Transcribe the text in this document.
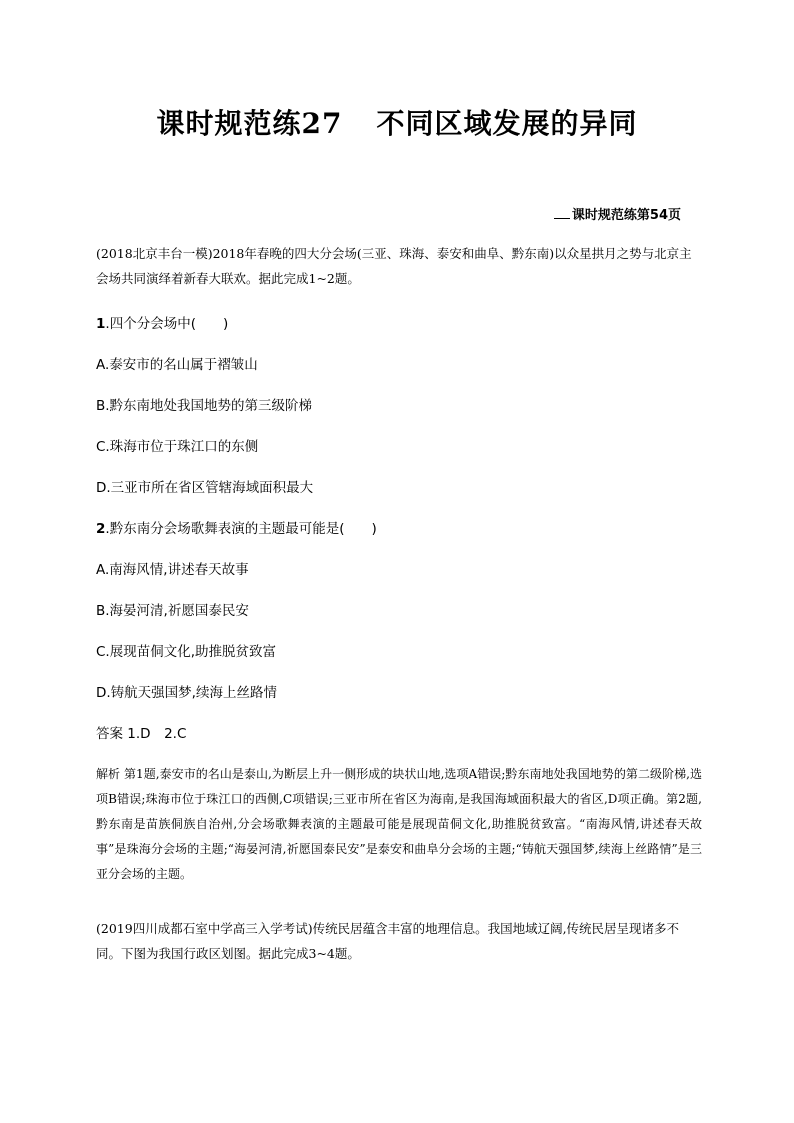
课时规范练27 不同区域发展的异同
课时规范练第54页
(2018北京丰台一模)2018年春晚的四大分会场(三亚、珠海、泰安和曲阜、黔东南)以众星拱月之势与北京主会场共同演绎着新春大联欢。据此完成1~2题。
1.四个分会场中(　　)
A.泰安市的名山属于褶皱山
B.黔东南地处我国地势的第三级阶梯
C.珠海市位于珠江口的东侧
D.三亚市所在省区管辖海域面积最大
2.黔东南分会场歌舞表演的主题最可能是(　　)
A.南海风情,讲述春天故事
B.海晏河清,祈愿国泰民安
C.展现苗侗文化,助推脱贫致富
D.铸航天强国梦,续海上丝路情
答案 1.D　2.C
解析 第1题,泰安市的名山是泰山,为断层上升一侧形成的块状山地,选项A错误;黔东南地处我国地势的第二级阶梯,选项B错误;珠海市位于珠江口的西侧,C项错误;三亚市所在省区为海南,是我国海域面积最大的省区,D项正确。第2题,黔东南是苗族侗族自治州,分会场歌舞表演的主题最可能是展现苗侗文化,助推脱贫致富。“南海风情,讲述春天故事”是珠海分会场的主题;“海晏河清,祈愿国泰民安”是泰安和曲阜分会场的主题;“铸航天强国梦,续海上丝路情”是三亚分会场的主题。
(2019四川成都石室中学高三入学考试)传统民居蕴含丰富的地理信息。我国地域辽阔,传统民居呈现诸多不同。下图为我国行政区划图。据此完成3~4题。
